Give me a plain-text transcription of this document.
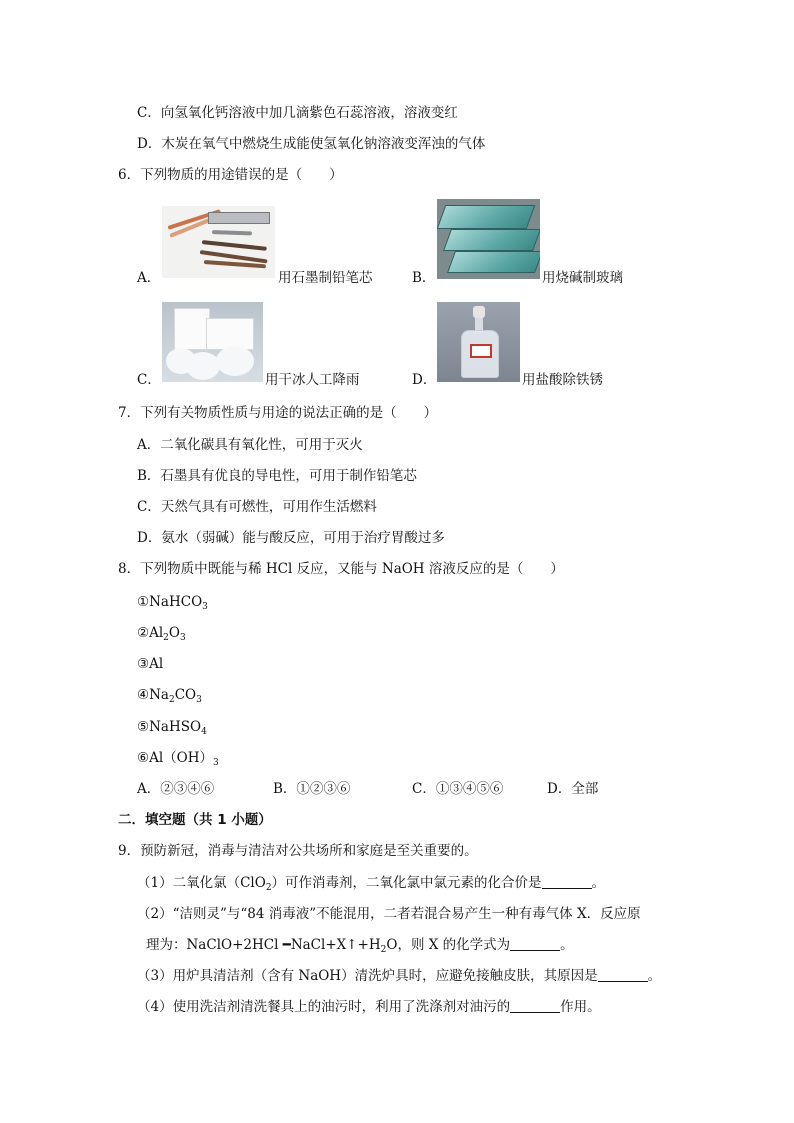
C．向氢氧化钙溶液中加几滴紫色石蕊溶液，溶液变红
D．木炭在氧气中燃烧生成能使氢氧化钠溶液变浑浊的气体
6．下列物质的用途错误的是（　　）
A．	用石墨制铅笔芯	B．	用烧碱制玻璃
C．	用干冰人工降雨	D．	用盐酸除铁锈
7．下列有关物质性质与用途的说法正确的是（　　）
A．二氧化碳具有氧化性，可用于灭火
B．石墨具有优良的导电性，可用于制作铅笔芯
C．天然气具有可燃性，可用作生活燃料
D．氨水（弱碱）能与酸反应，可用于治疗胃酸过多
8．下列物质中既能与稀 HCl 反应，又能与 NaOH 溶液反应的是（　　）
①NaHCO$_3$
$②Al_2O_3$
③Al
$④Na_2CO_3$
⑤NaHSO$_4$
$⑥Al(OH)_3$
A．②③④⑥	B．①②③⑥	C．①③④⑤⑥	D．全部
二．填空题（共 1 小题）
9．预防新冠，消毒与清洁对公共场所和家庭是至关重要的。
（1）二氧化氯（ClO$_2$）可作消毒剂，二氧化氯中氯元素的化合价是	。
（2）“洁则灵”与“84 消毒液”不能混用，二者若混合易产生一种有毒气体 X．反应原
理为：NaClO+2HCl $━NaCl+X↑+H_2O$，则 X 的化学式为	。
（3）用炉具清洁剂（含有 NaOH）清洗炉具时，应避免接触皮肤，其原因是	。
（4）使用洗洁剂清洗餐具上的油污时，利用了洗涤剂对油污的	作用。
